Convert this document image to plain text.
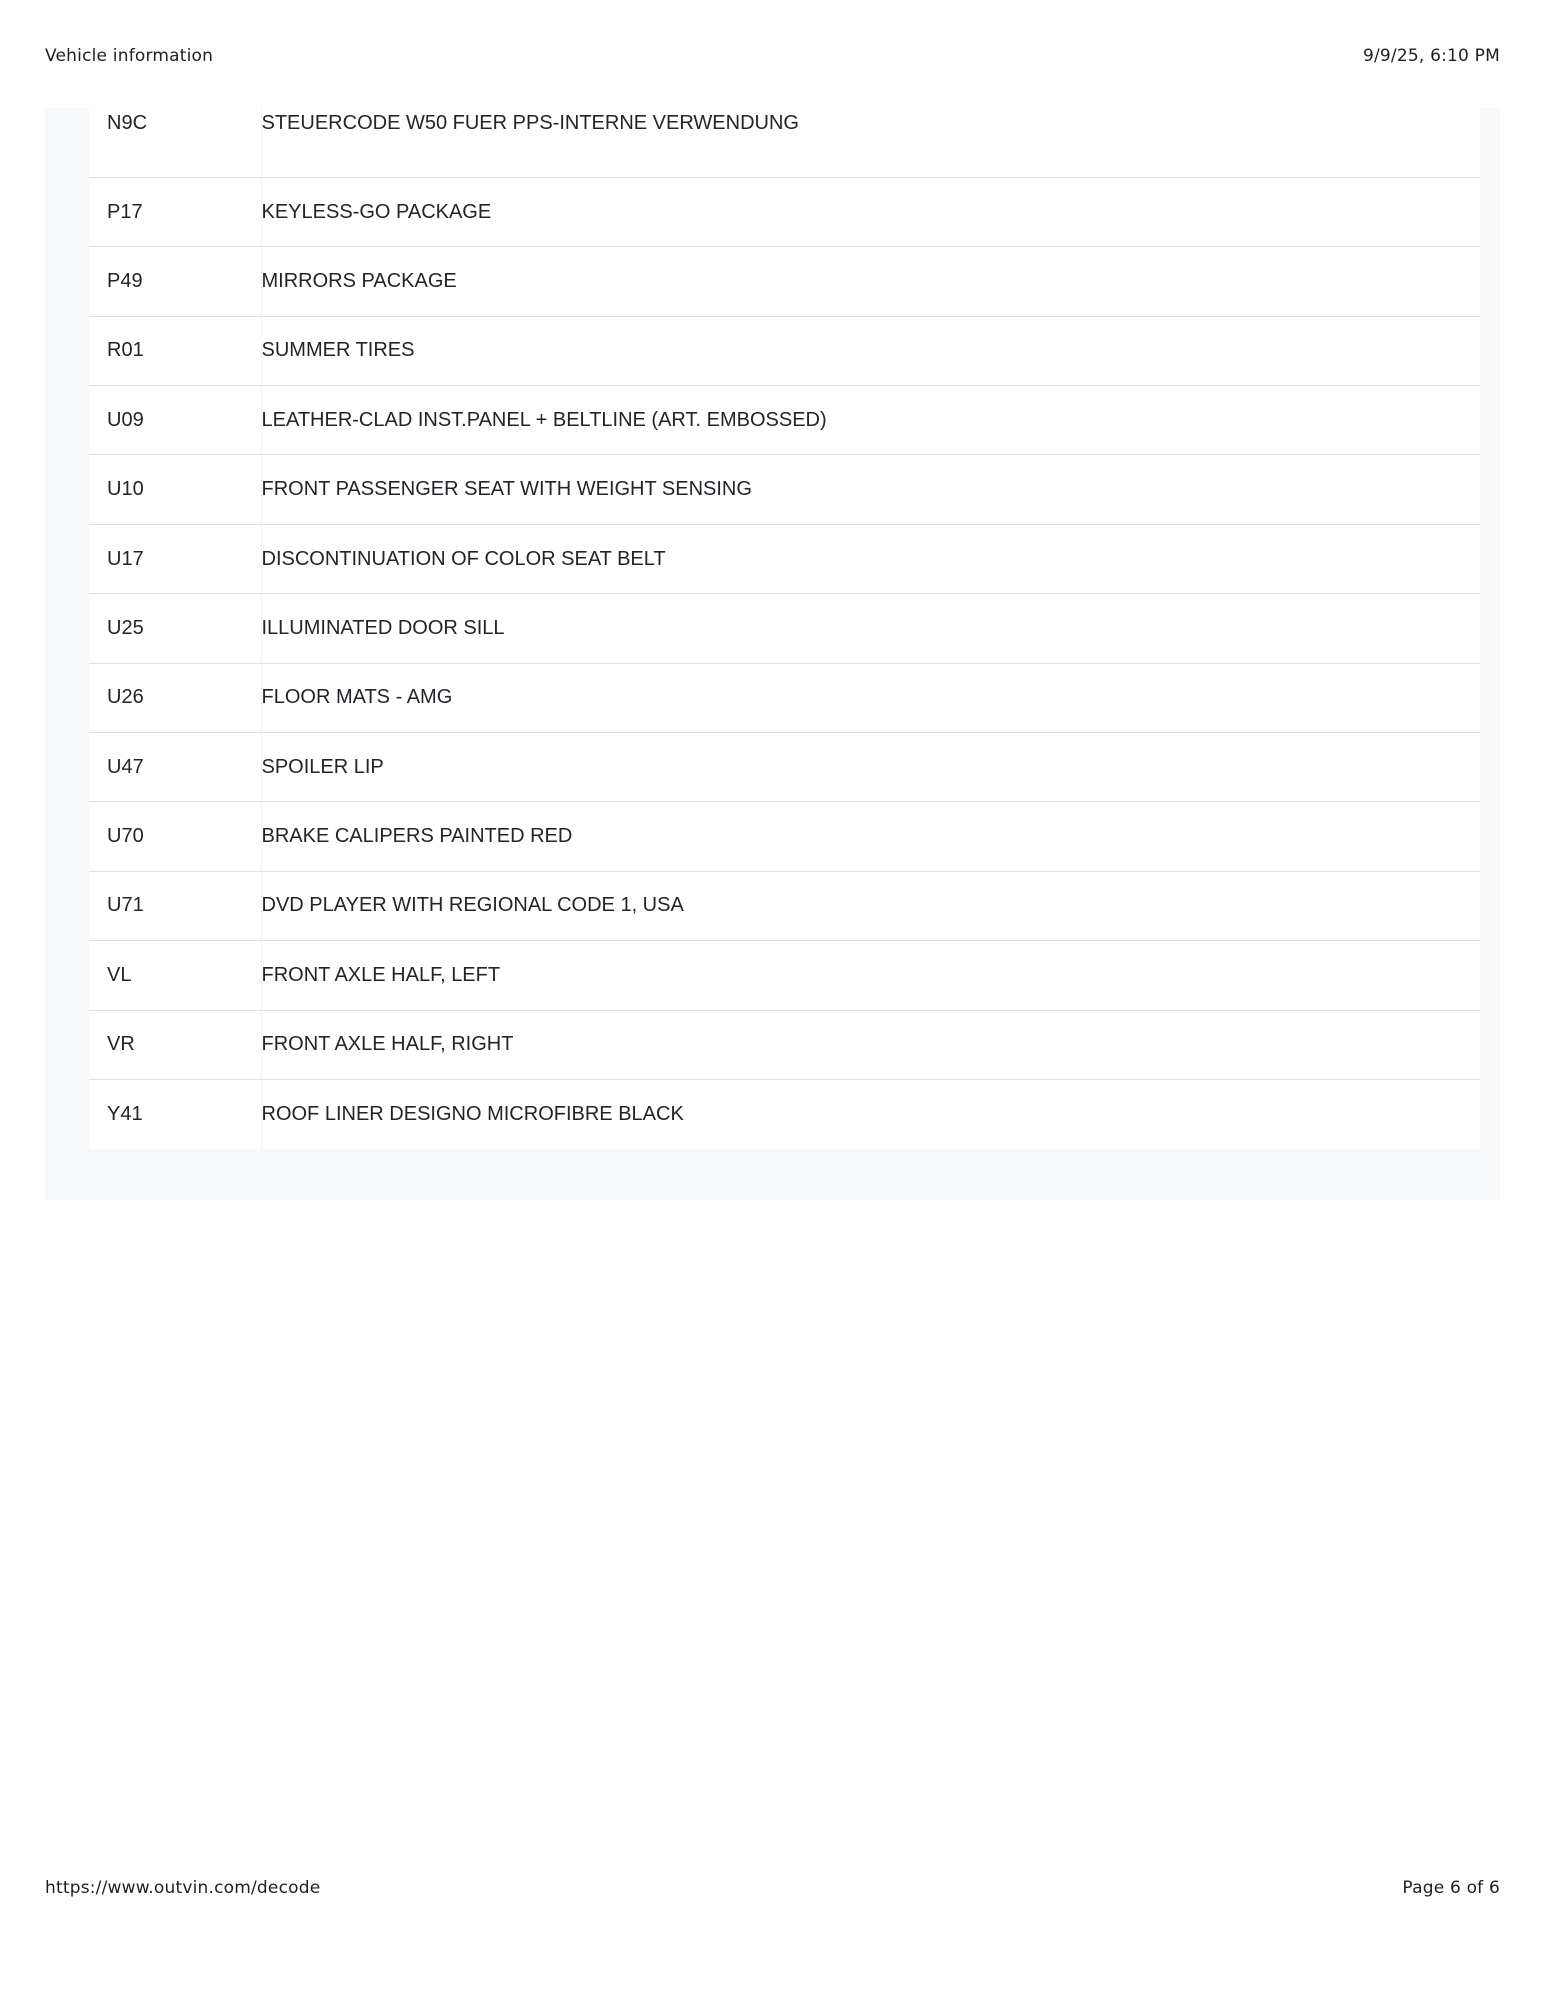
Vehicle information	9/9/25, 6:10 PM
N9C	STEUERCODE W50 FUER PPS-INTERNE VERWENDUNG
P17	KEYLESS-GO PACKAGE
P49	MIRRORS PACKAGE
R01	SUMMER TIRES
U09	LEATHER-CLAD INST.PANEL + BELTLINE (ART. EMBOSSED)
U10	FRONT PASSENGER SEAT WITH WEIGHT SENSING
U17	DISCONTINUATION OF COLOR SEAT BELT
U25	ILLUMINATED DOOR SILL
U26	FLOOR MATS - AMG
U47	SPOILER LIP
U70	BRAKE CALIPERS PAINTED RED
U71	DVD PLAYER WITH REGIONAL CODE 1, USA
VL	FRONT AXLE HALF, LEFT
VR	FRONT AXLE HALF, RIGHT
Y41	ROOF LINER DESIGNO MICROFIBRE BLACK
https://www.outvin.com/decode	Page 6 of 6
